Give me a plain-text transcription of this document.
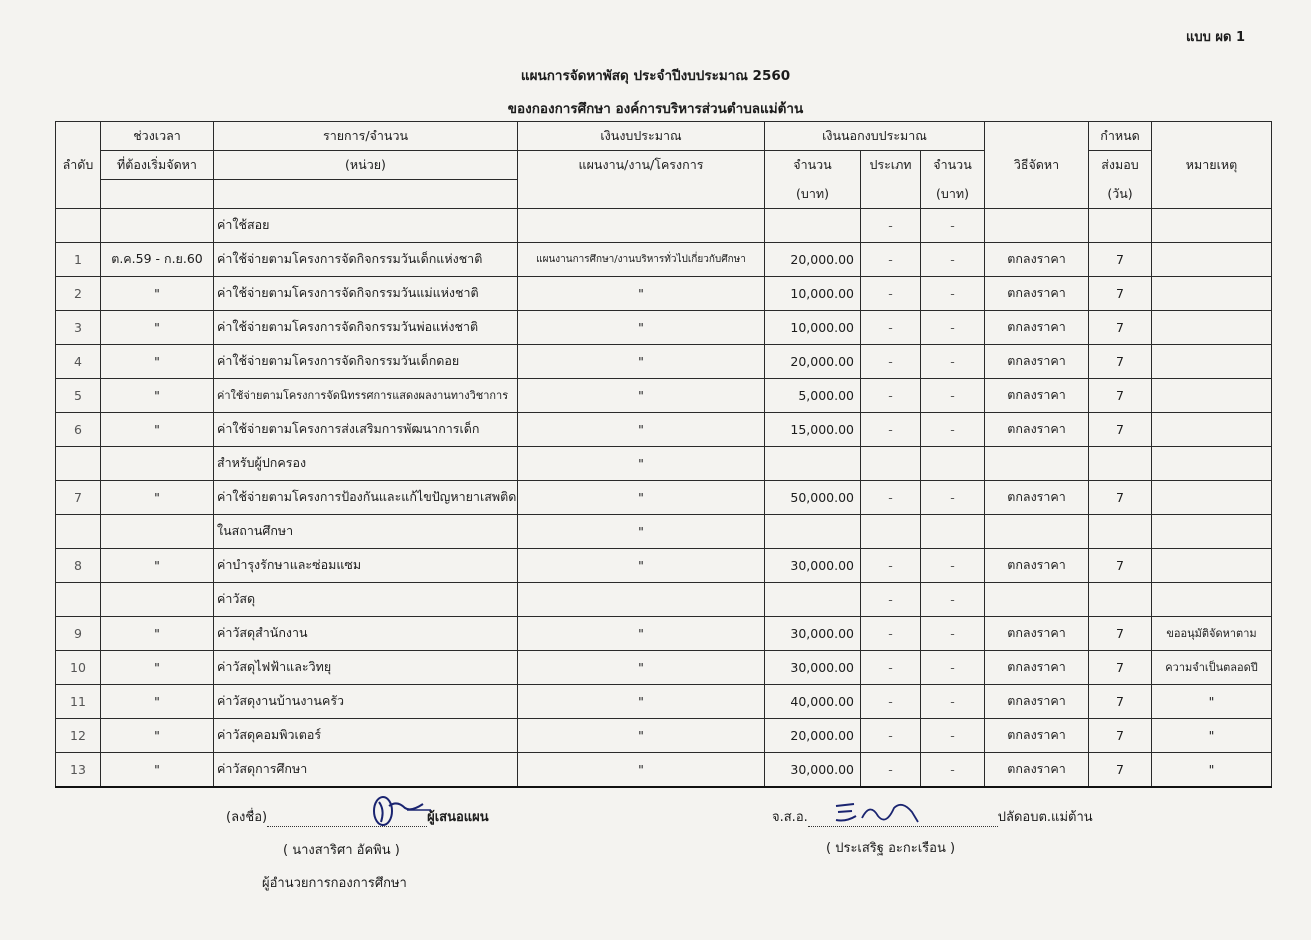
แบบ ผด 1
แผนการจัดหาพัสดุ ประจำปีงบประมาณ 2560
ของกองการศึกษา องค์การบริหารส่วนตำบลแม่ต้าน
ลำดับ	ช่วงเวลา	รายการ/จำนวน	เงินงบประมาณ	เงินนอกงบประมาณ			วิธีจัดหา	กำหนด	หมายเหตุ
	ที่ต้องเริ่มจัดหา	(หน่วย)	แผนงาน/งาน/โครงการ	จำนวน	ประเภท	จำนวน		ส่งมอบ	
				(บาท)		(บาท)		(วัน)	
		ค่าใช้สอย			-	-			
1	ต.ค.59 - ก.ย.60	ค่าใช้จ่ายตามโครงการจัดกิจกรรมวันเด็กแห่งชาติ	แผนงานการศึกษา/งานบริหารทั่วไปเกี่ยวกับศึกษา	20,000.00	-	-	ตกลงราคา	7	
2	"	ค่าใช้จ่ายตามโครงการจัดกิจกรรมวันแม่แห่งชาติ	"	10,000.00	-	-	ตกลงราคา	7	
3	"	ค่าใช้จ่ายตามโครงการจัดกิจกรรมวันพ่อแห่งชาติ	"	10,000.00	-	-	ตกลงราคา	7	
4	"	ค่าใช้จ่ายตามโครงการจัดกิจกรรมวันเด็กดอย	"	20,000.00	-	-	ตกลงราคา	7	
5	"	ค่าใช้จ่ายตามโครงการจัดนิทรรศการแสดงผลงานทางวิชาการ	"	5,000.00	-	-	ตกลงราคา	7	
6	"	ค่าใช้จ่ายตามโครงการส่งเสริมการพัฒนาการเด็ก	"	15,000.00	-	-	ตกลงราคา	7	
		สำหรับผู้ปกครอง	"						
7	"	ค่าใช้จ่ายตามโครงการป้องกันและแก้ไขปัญหายาเสพติด	"	50,000.00	-	-	ตกลงราคา	7	
		ในสถานศึกษา	"						
8	"	ค่าบำรุงรักษาและซ่อมแซม	"	30,000.00	-	-	ตกลงราคา	7	
		ค่าวัสดุ			-	-			
9	"	ค่าวัสดุสำนักงาน	"	30,000.00	-	-	ตกลงราคา	7	ขออนุมัติจัดหาตาม
10	"	ค่าวัสดุไฟฟ้าและวิทยุ	"	30,000.00	-	-	ตกลงราคา	7	ความจำเป็นตลอดปี
11	"	ค่าวัสดุงานบ้านงานครัว	"	40,000.00	-	-	ตกลงราคา	7	"
12	"	ค่าวัสดุคอมพิวเตอร์	"	20,000.00	-	-	ตกลงราคา	7	"
13	"	ค่าวัสดุการศึกษา	"	30,000.00	-	-	ตกลงราคา	7	"
(ลงชื่อ)	ผู้เสนอแผน
( นางสาริศา อัคพิน )
ผู้อำนวยการกองการศึกษา
จ.ส.อ.	ปลัดอบต.แม่ต้าน
( ประเสริฐ อะกะเรือน )
